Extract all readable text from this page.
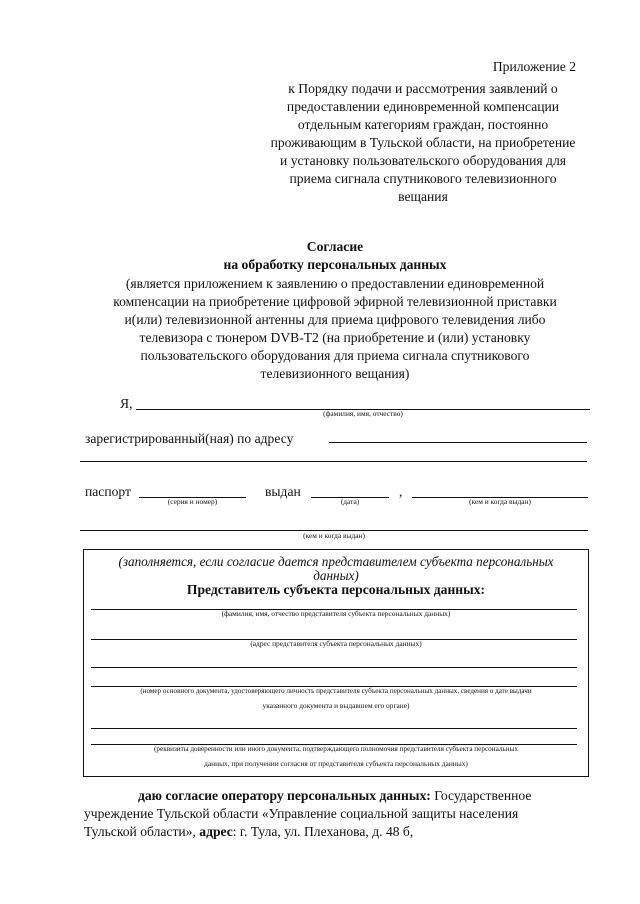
Приложение 2
к Порядку подачи и рассмотрения заявлений о
предоставлении единовременной компенсации
отдельным категориям граждан, постоянно
проживающим в Тульской области, на приобретение
и установку пользовательского оборудования для
приема сигнала спутникового телевизионного
вещания
Согласие
на обработку персональных данных
(является приложением к заявлению о предоставлении единовременной
компенсации на приобретение цифровой эфирной телевизионной приставки
и(или) телевизионной антенны для приема цифрового телевидения либо
телевизора с тюнером DVB-T2 (на приобретение и (или) установку
пользовательского оборудования для приема сигнала спутникового
телевизионного вещания)
Я,
(фамилия, имя, отчество)
зарегистрированный(ная) по адресу
паспорт
(серия и номер)
выдан
(дата)
,
(кем и когда выдан)
(кем и когда выдан)
(заполняется, если согласие дается представителем субъекта персональных
данных)
Представитель субъекта персональных данных:
(фамилия, имя, отчество представителя субъекта персональных данных)
(адрес представителя субъекта персональных данных)
(номер основного документа, удостоверяющего личность представителя субъекта персональных данных, сведения о дате выдачи
указанного документа и выдавшем его органе)
(реквизиты доверенности или иного документа, подтверждающего полномочия представителя субъекта персональных
данных, при получении согласия от представителя субъекта персональных данных)
даю согласие оператору персональных данных: Государственное
учреждение Тульской области «Управление социальной защиты населения
Тульской области», адрес: г. Тула, ул. Плеханова, д. 48 б,
